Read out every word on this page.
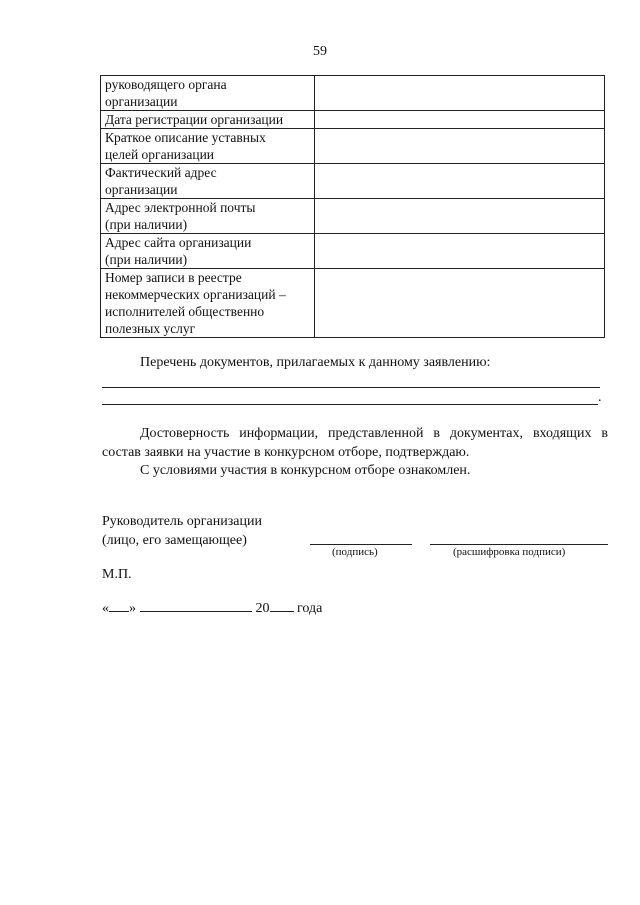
59
руководящего органа
организации	

Дата регистрации организации	

Краткое описание уставных
целей организации	

Фактический адрес
организации	

Адрес электронной почты
(при наличии)	

Адрес сайта организации
(при наличии)	

Номер записи в реестре
некоммерческих организаций –
исполнителей общественно
полезных услуг	

Перечень документов, прилагаемых к данному заявлению:
.
Достоверность информации, представленной в документах, входящих в состав заявки на участие в конкурсном отборе, подтверждаю.
С условиями участия в конкурсном отборе ознакомлен.
Руководитель организации
(лицо, его замещающее)
(подпись)	(расшифровка подписи)
М.П.
« »	20 года
